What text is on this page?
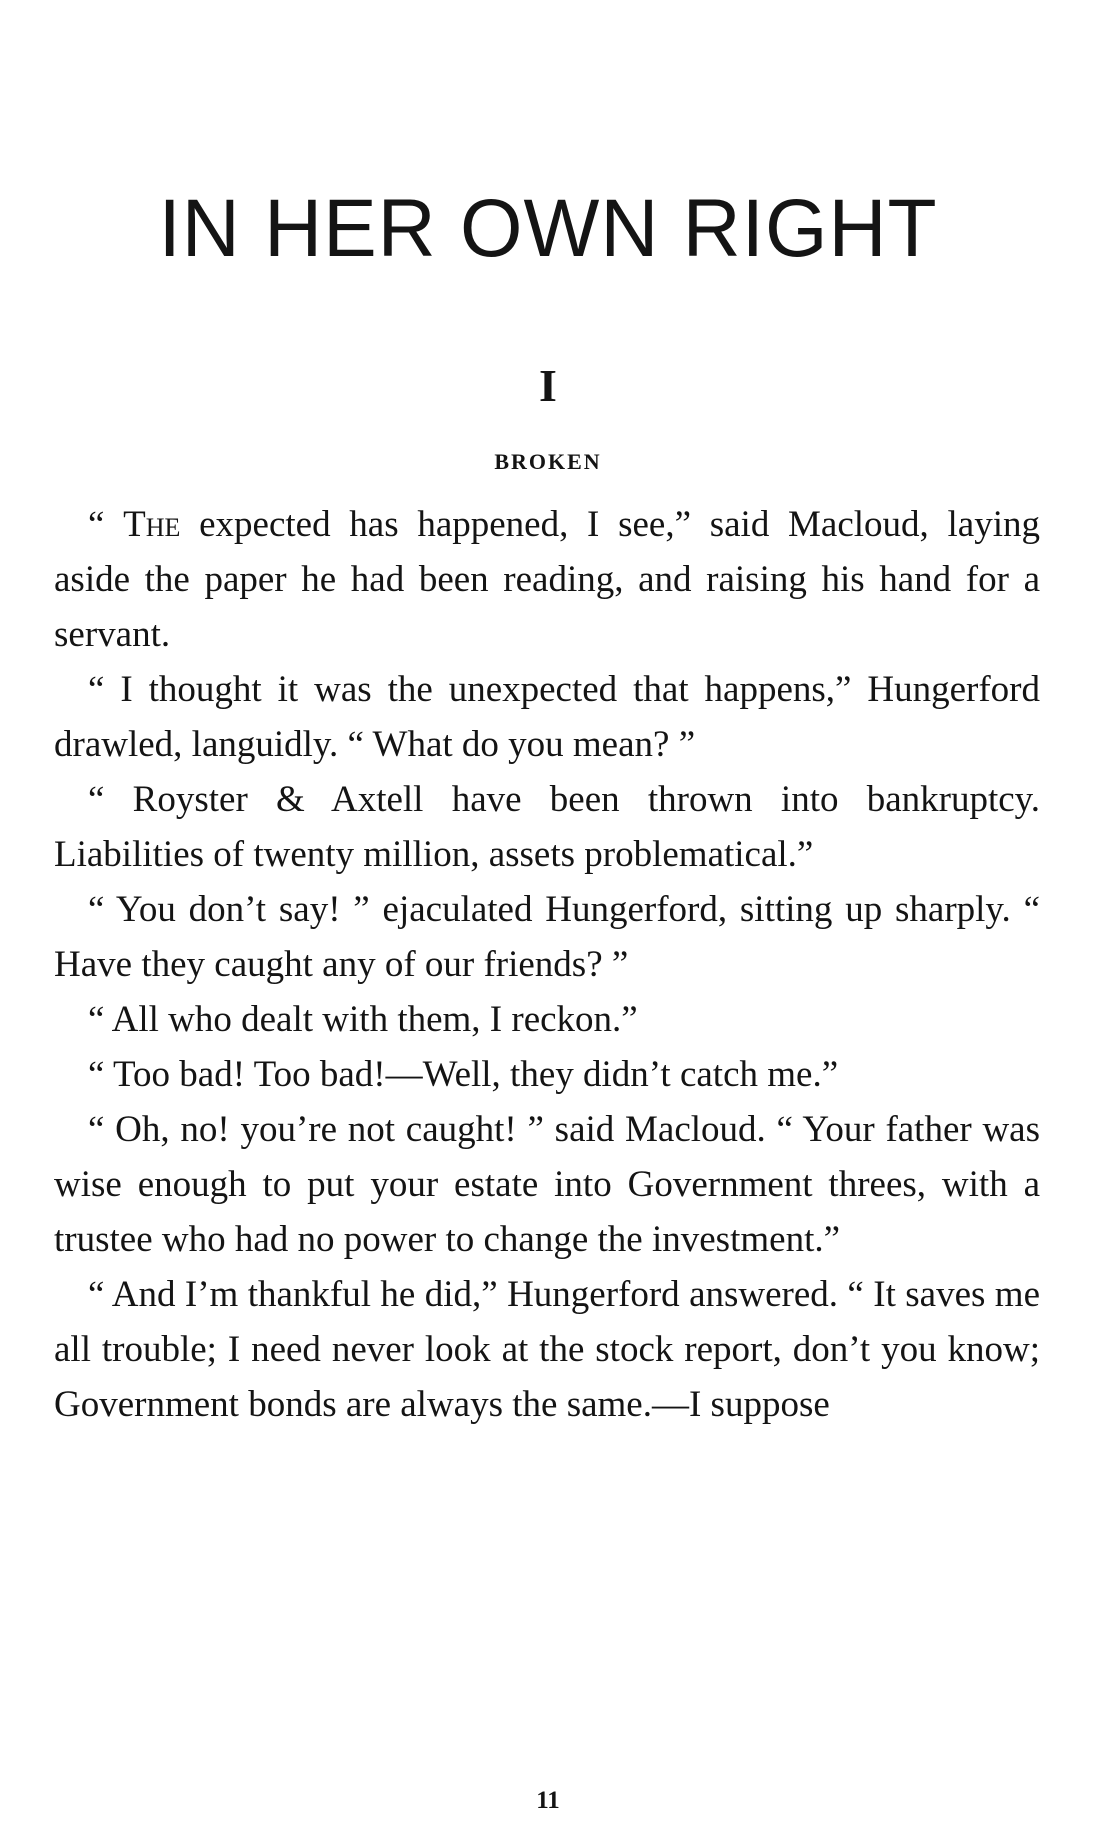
IN HER OWN RIGHT
I
BROKEN

“ The expected has happened, I see,” said Macloud, laying aside the paper he had been reading, and raising his hand for a servant.

“ I thought it was the unexpected that happens,” Hungerford drawled, languidly. “ What do you mean? ”

“ Royster & Axtell have been thrown into bankruptcy. Liabilities of twenty million, assets problematical.”

“ You don’t say! ” ejaculated Hungerford, sitting up sharply. “ Have they caught any of our friends? ”

“ All who dealt with them, I reckon.”

“ Too bad! Too bad!—Well, they didn’t catch me.”

“ Oh, no! you’re not caught! ” said Macloud. “ Your father was wise enough to put your estate into Government threes, with a trustee who had no power to change the investment.”

“ And I’m thankful he did,” Hungerford answered. “ It saves me all trouble; I need never look at the stock report, don’t you know; Government bonds are always the same.—I suppose

11
